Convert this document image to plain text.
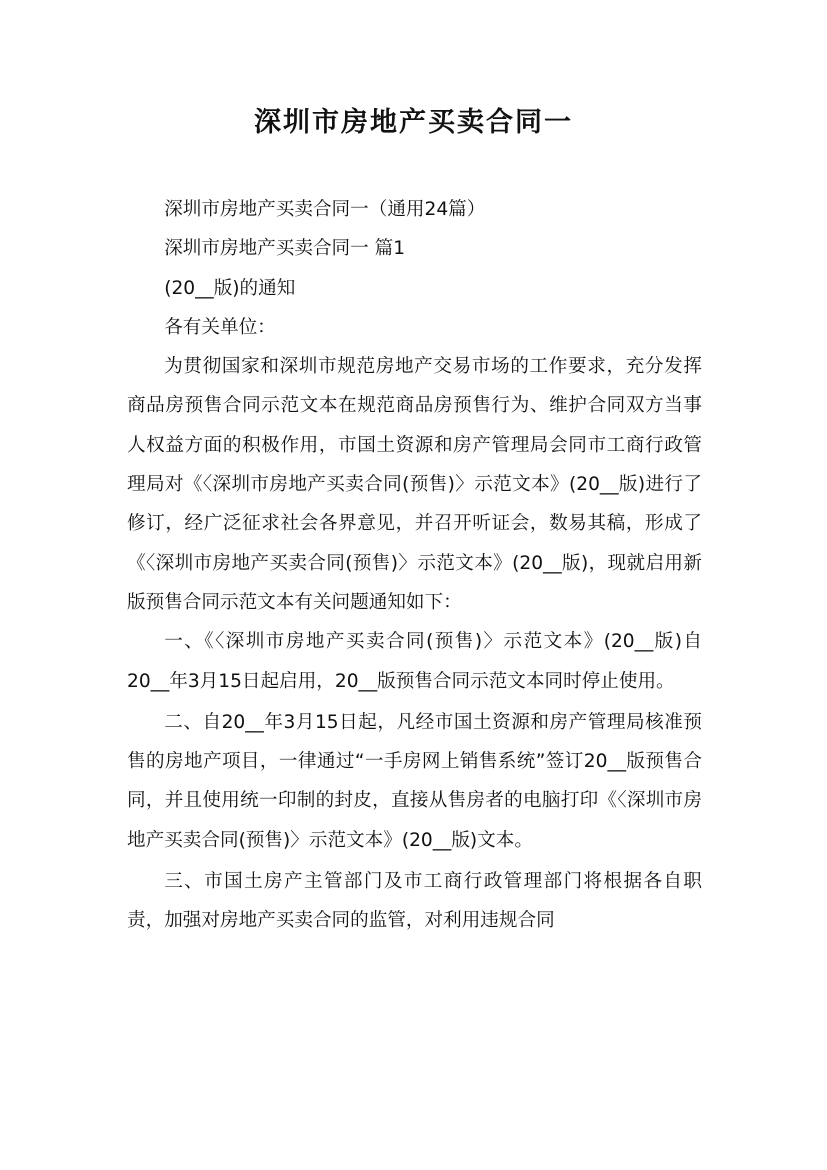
深圳市房地产买卖合同一

深圳市房地产买卖合同一（通用24篇）

深圳市房地产买卖合同一 篇1

(20__版)的通知

各有关单位：

为贯彻国家和深圳市规范房地产交易市场的工作要求，充分发挥商品房预售合同示范文本在规范商品房预售行为、维护合同双方当事人权益方面的积极作用，市国土资源和房产管理局会同市工商行政管理局对《〈深圳市房地产买卖合同(预售)〉示范文本》(20__版)进行了修订，经广泛征求社会各界意见，并召开听证会，数易其稿，形成了《〈深圳市房地产买卖合同(预售)〉示范文本》(20__版)，现就启用新版预售合同示范文本有关问题通知如下：

一、《〈深圳市房地产买卖合同(预售)〉示范文本》(20__版)自20__年3月15日起启用，20__版预售合同示范文本同时停止使用。

二、自20__年3月15日起，凡经市国土资源和房产管理局核准预售的房地产项目，一律通过“一手房网上销售系统”签订20__版预售合同，并且使用统一印制的封皮，直接从售房者的电脑打印《〈深圳市房地产买卖合同(预售)〉示范文本》(20__版)文本。

三、市国土房产主管部门及市工商行政管理部门将根据各自职责，加强对房地产买卖合同的监管，对利用违规合同
